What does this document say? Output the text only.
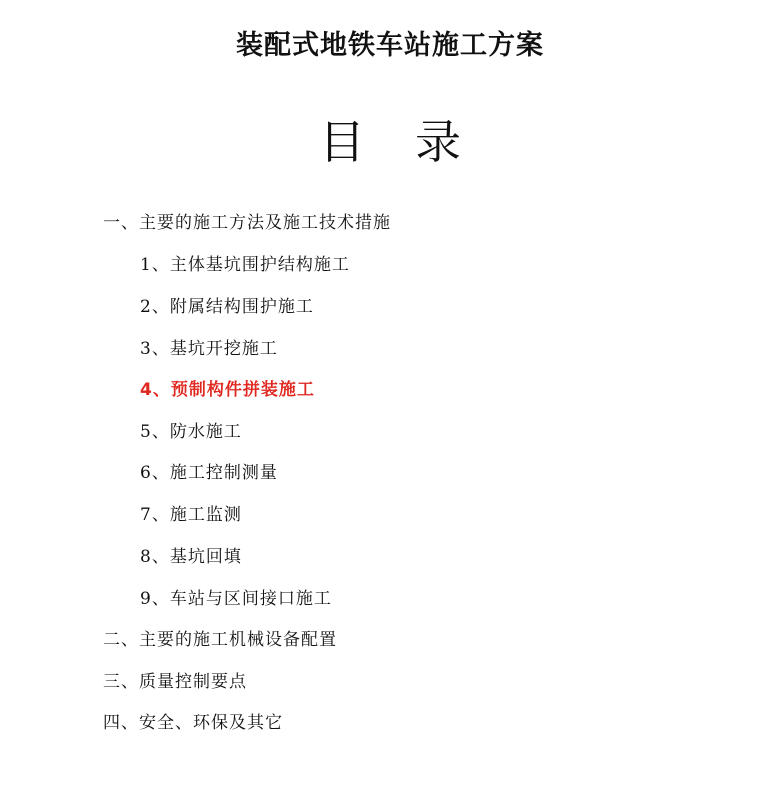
装配式地铁车站施工方案
目 录
一、主要的施工方法及施工技术措施
1、主体基坑围护结构施工
2、附属结构围护施工
3、基坑开挖施工
4、预制构件拼装施工
5、防水施工
6、施工控制测量
7、施工监测
8、基坑回填
9、车站与区间接口施工
二、主要的施工机械设备配置
三、质量控制要点
四、安全、环保及其它
